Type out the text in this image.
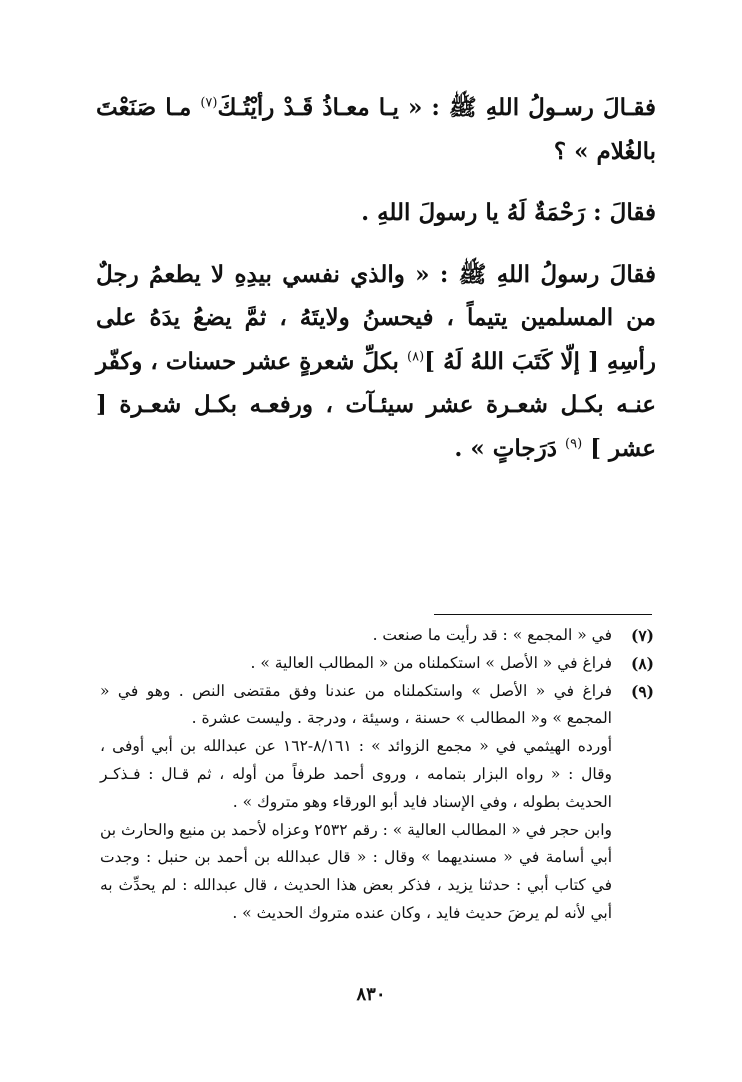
فقـالَ رسـولُ اللهِ ﷺ : « يـا معـاذُ قَـدْ رأيْتُـكَ$^{(٧)}$ مـا صَنَعْتَ بالغُلام » ؟

فقالَ : رَحْمَةٌ لَهُ يا رسولَ اللهِ .

فقالَ رسولُ اللهِ ﷺ : « والذي نفسي بيدِهِ لا يطعمُ رجلٌ من المسلمين يتيماً ، فيحسنُ ولايتَهُ ، ثمَّ يضعُ يدَهُ على رأسِهِ [ إلّا كَتَبَ اللهُ لَهُ ]$^{(٨)}$ بكلِّ شعرةٍ عشر حسنات ، وكفّر عنـه بكـل شعـرة عشر سيئـآت ، ورفعـه بكـل شعـرة [ عشر ] $^{(٩)}$ دَرَجاتٍ » .

(٧)
في « المجمع » : قد رأيت ما صنعت .
(٨)
فراغ في « الأصل » استكملناه من « المطالب العالية » .
(٩)
فراغ في « الأصل » واستكملناه من عندنا وفق مقتضى النص . وهو في « المجمع » و« المطالب » حسنة ، وسيئة ، ودرجة . وليست عشرة .
أورده الهيثمي في « مجمع الزوائد » : ٨/١٦١-١٦٢ عن عبدالله بن أبي أوفى ، وقال : « رواه البزار بتمامه ، وروى أحمد طرفاً من أوله ، ثم قـال : فـذكـر الحديث بطوله ، وفي الإسناد فايد أبو الورقاء وهو متروك » .
وابن حجر في « المطالب العالية » : رقم ٢٥٣٢ وعزاه لأحمد بن منيع والحارث بن أبي أسامة في « مسنديهما » وقال : « قال عبدالله بن أحمد بن حنبل : وجدت في كتاب أبي : حدثنا يزيد ، فذكر بعض هذا الحديث ، قال عبدالله : لم يحدِّث به أبي لأنه لم يرضَ حديث فايد ، وكان عنده متروك الحديث » .
٨٣٠
